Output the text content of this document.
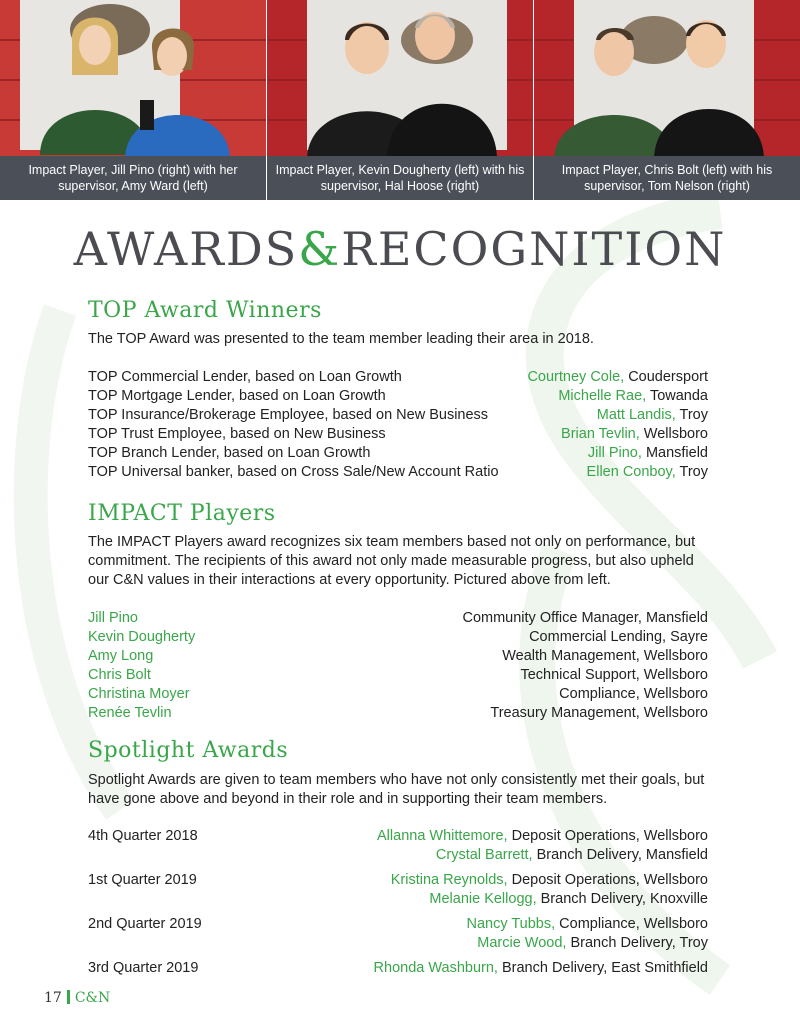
Impact Player, Jill Pino (right) with her supervisor, Amy Ward (left)
Impact Player, Kevin Dougherty (left) with his supervisor, Hal Hoose (right)
Impact Player, Chris Bolt (left) with his supervisor, Tom Nelson (right)
AWARDS&RECOGNITION
TOP Award Winners
The TOP Award was presented to the team member leading their area in 2018.
TOP Commercial Lender, based on Loan Growth	Courtney Cole, Coudersport
TOP Mortgage Lender, based on Loan Growth	Michelle Rae, Towanda
TOP Insurance/Brokerage Employee, based on New Business	Matt Landis, Troy
TOP Trust Employee, based on New Business	Brian Tevlin, Wellsboro
TOP Branch Lender, based on Loan Growth	Jill Pino, Mansfield
TOP Universal banker, based on Cross Sale/New Account Ratio	Ellen Conboy, Troy
IMPACT Players
The IMPACT Players award recognizes six team members based not only on performance, but commitment. The recipients of this award not only made measurable progress, but also upheld our C&N values in their interactions at every opportunity. Pictured above from left.
Jill Pino	Community Office Manager, Mansfield
Kevin Dougherty	Commercial Lending, Sayre
Amy Long	Wealth Management, Wellsboro
Chris Bolt	Technical Support, Wellsboro
Christina Moyer	Compliance, Wellsboro
Renée Tevlin	Treasury Management, Wellsboro
Spotlight Awards
Spotlight Awards are given to team members who have not only consistently met their goals, but have gone above and beyond in their role and in supporting their team members.
4th Quarter 2018	Allanna Whittemore, Deposit Operations, Wellsboro
Crystal Barrett, Branch Delivery, Mansfield
1st Quarter 2019	Kristina Reynolds, Deposit Operations, Wellsboro
Melanie Kellogg, Branch Delivery, Knoxville
2nd Quarter 2019	Nancy Tubbs, Compliance, Wellsboro
Marcie Wood, Branch Delivery, Troy
3rd Quarter 2019	Rhonda Washburn, Branch Delivery, East Smithfield
17 C&N
